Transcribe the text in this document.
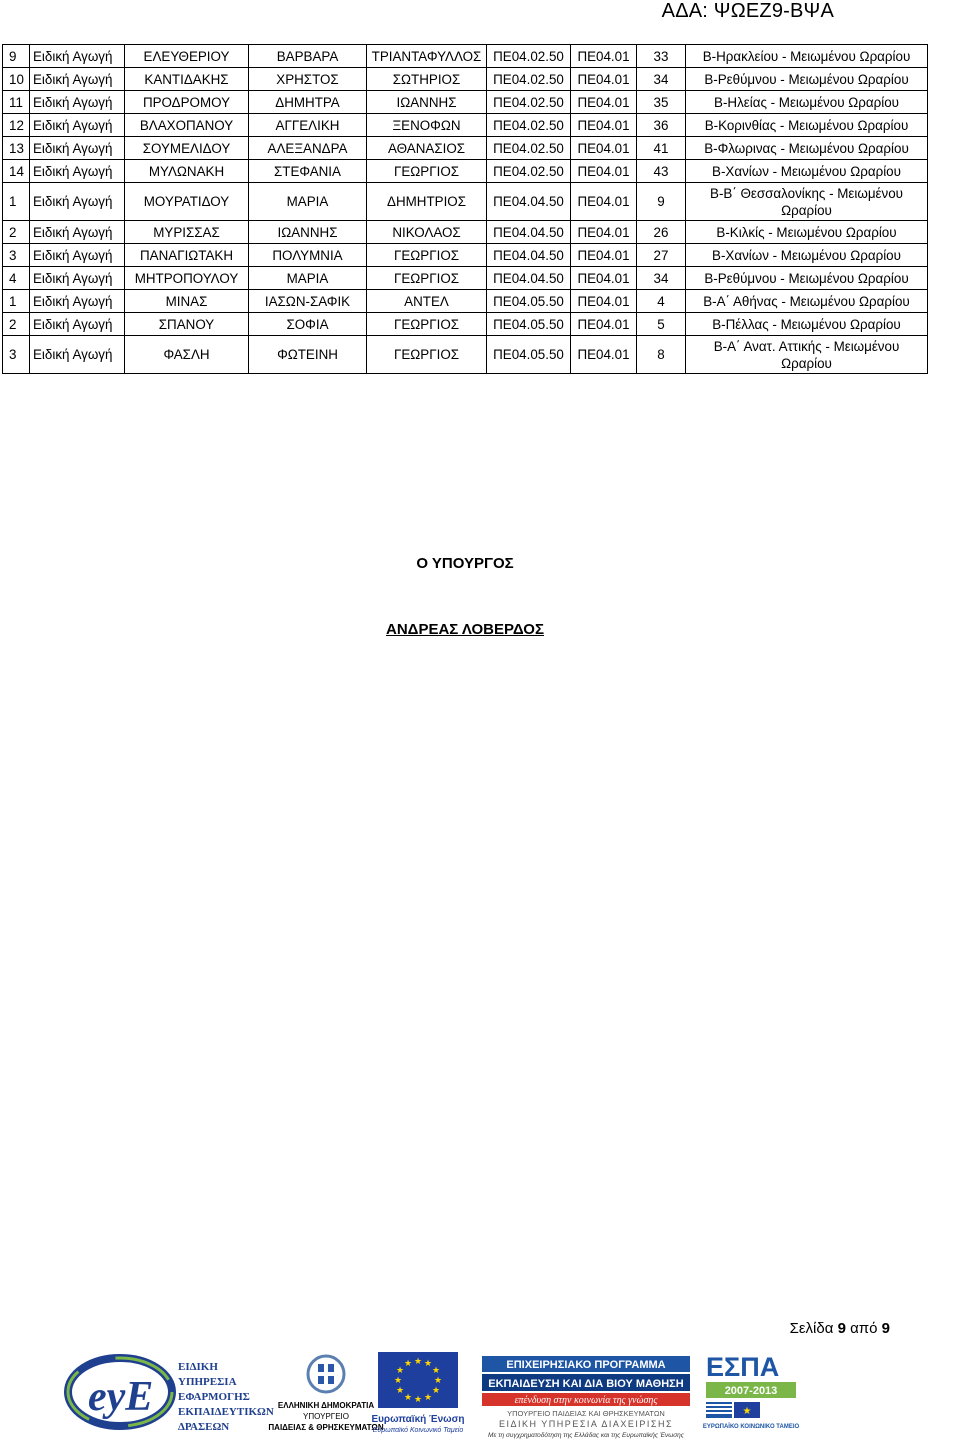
ΑΔΑ: ΨΩΕΖ9-ΒΨΑ
9	Ειδική Αγωγή	ΕΛΕΥΘΕΡΙΟΥ	ΒΑΡΒΑΡΑ	ΤΡΙΑΝΤΑΦΥΛΛΟΣ	ΠΕ04.02.50	ΠΕ04.01	33	Β-Ηρακλείου - Μειωμένου Ωραρίου
10	Ειδική Αγωγή	ΚΑΝΤΙΔΑΚΗΣ	ΧΡΗΣΤΟΣ	ΣΩΤΗΡΙΟΣ	ΠΕ04.02.50	ΠΕ04.01	34	Β-Ρεθύμνου - Μειωμένου Ωραρίου
11	Ειδική Αγωγή	ΠΡΟΔΡΟΜΟΥ	ΔΗΜΗΤΡΑ	ΙΩΑΝΝΗΣ	ΠΕ04.02.50	ΠΕ04.01	35	Β-Ηλείας - Μειωμένου Ωραρίου
12	Ειδική Αγωγή	ΒΛΑΧΟΠΑΝΟΥ	ΑΓΓΕΛΙΚΗ	ΞΕΝΟΦΩΝ	ΠΕ04.02.50	ΠΕ04.01	36	Β-Κορινθίας - Μειωμένου Ωραρίου
13	Ειδική Αγωγή	ΣΟΥΜΕΛΙΔΟΥ	ΑΛΕΞΑΝΔΡΑ	ΑΘΑΝΑΣΙΟΣ	ΠΕ04.02.50	ΠΕ04.01	41	Β-Φλωρινας - Μειωμένου Ωραρίου
14	Ειδική Αγωγή	ΜΥΛΩΝΑΚΗ	ΣΤΕΦΑΝΙΑ	ΓΕΩΡΓΙΟΣ	ΠΕ04.02.50	ΠΕ04.01	43	Β-Χανίων - Μειωμένου Ωραρίου
1	Ειδική Αγωγή	ΜΟΥΡΑΤΙΔΟΥ	ΜΑΡΙΑ	ΔΗΜΗΤΡΙΟΣ	ΠΕ04.04.50	ΠΕ04.01	9	Β-Β΄ Θεσσαλονίκης - Μειωμένου Ωραρίου
2	Ειδική Αγωγή	ΜΥΡΙΣΣΑΣ	ΙΩΑΝΝΗΣ	ΝΙΚΟΛΑΟΣ	ΠΕ04.04.50	ΠΕ04.01	26	Β-Κιλκίς - Μειωμένου Ωραρίου
3	Ειδική Αγωγή	ΠΑΝΑΓΙΩΤΑΚΗ	ΠΟΛΥΜΝΙΑ	ΓΕΩΡΓΙΟΣ	ΠΕ04.04.50	ΠΕ04.01	27	Β-Χανίων - Μειωμένου Ωραρίου
4	Ειδική Αγωγή	ΜΗΤΡΟΠΟΥΛΟΥ	ΜΑΡΙΑ	ΓΕΩΡΓΙΟΣ	ΠΕ04.04.50	ΠΕ04.01	34	Β-Ρεθύμνου - Μειωμένου Ωραρίου
1	Ειδική Αγωγή	ΜΙΝΑΣ	ΙΑΣΩΝ-ΣΑΦΙΚ	ΑΝΤΕΛ	ΠΕ04.05.50	ΠΕ04.01	4	Β-Α΄ Αθήνας - Μειωμένου Ωραρίου
2	Ειδική Αγωγή	ΣΠΑΝΟΥ	ΣΟΦΙΑ	ΓΕΩΡΓΙΟΣ	ΠΕ04.05.50	ΠΕ04.01	5	Β-Πέλλας - Μειωμένου Ωραρίου
3	Ειδική Αγωγή	ΦΑΣΛΗ	ΦΩΤΕΙΝΗ	ΓΕΩΡΓΙΟΣ	ΠΕ04.05.50	ΠΕ04.01	8	Β-Α΄ Ανατ. Αττικής - Μειωμένου Ωραρίου
Ο ΥΠΟΥΡΓΟΣ
ΑΝΔΡΕΑΣ ΛΟΒΕΡΔΟΣ
Σελίδα 9 από 9
eyE
ΕΙΔΙΚΗ
ΥΠΗΡΕΣΙΑ
ΕΦΑΡΜΟΓΗΣ
ΕΚΠΑΙΔΕΥΤΙΚΩΝ
ΔΡΑΣΕΩΝ
ΕΛΛΗΝΙΚΗ ΔΗΜΟΚΡΑΤΙΑ
ΥΠΟΥΡΓΕΙΟ
ΠΑΙΔΕΙΑΣ & ΘΡΗΣΚΕΥΜΑΤΩΝ
★ ★
★
★
★
★
★
★
★
★
★
★
Ευρωπαϊκή Ένωση
Ευρωπαϊκό Κοινωνικό Ταμείο
ΕΠΙΧΕΙΡΗΣΙΑΚΟ ΠΡΟΓΡΑΜΜΑ
ΕΚΠΑΙΔΕΥΣΗ ΚΑΙ ΔΙΑ ΒΙΟΥ ΜΑΘΗΣΗ
επένδυση στην κοινωνία της γνώσης
ΥΠΟΥΡΓΕΙΟ ΠΑΙΔΕΙΑΣ ΚΑΙ ΘΡΗΣΚΕΥΜΑΤΩΝ
ΕΙΔΙΚΗ ΥΠΗΡΕΣΙΑ ΔΙΑΧΕΙΡΙΣΗΣ
Με τη συγχρηματοδότηση της Ελλάδας και της Ευρωπαϊκής Ένωσης
ΕΣΠΑ
2007-2013
★
ΕΥΡΩΠΑΪΚΟ ΚΟΙΝΩΝΙΚΟ ΤΑΜΕΙΟ
